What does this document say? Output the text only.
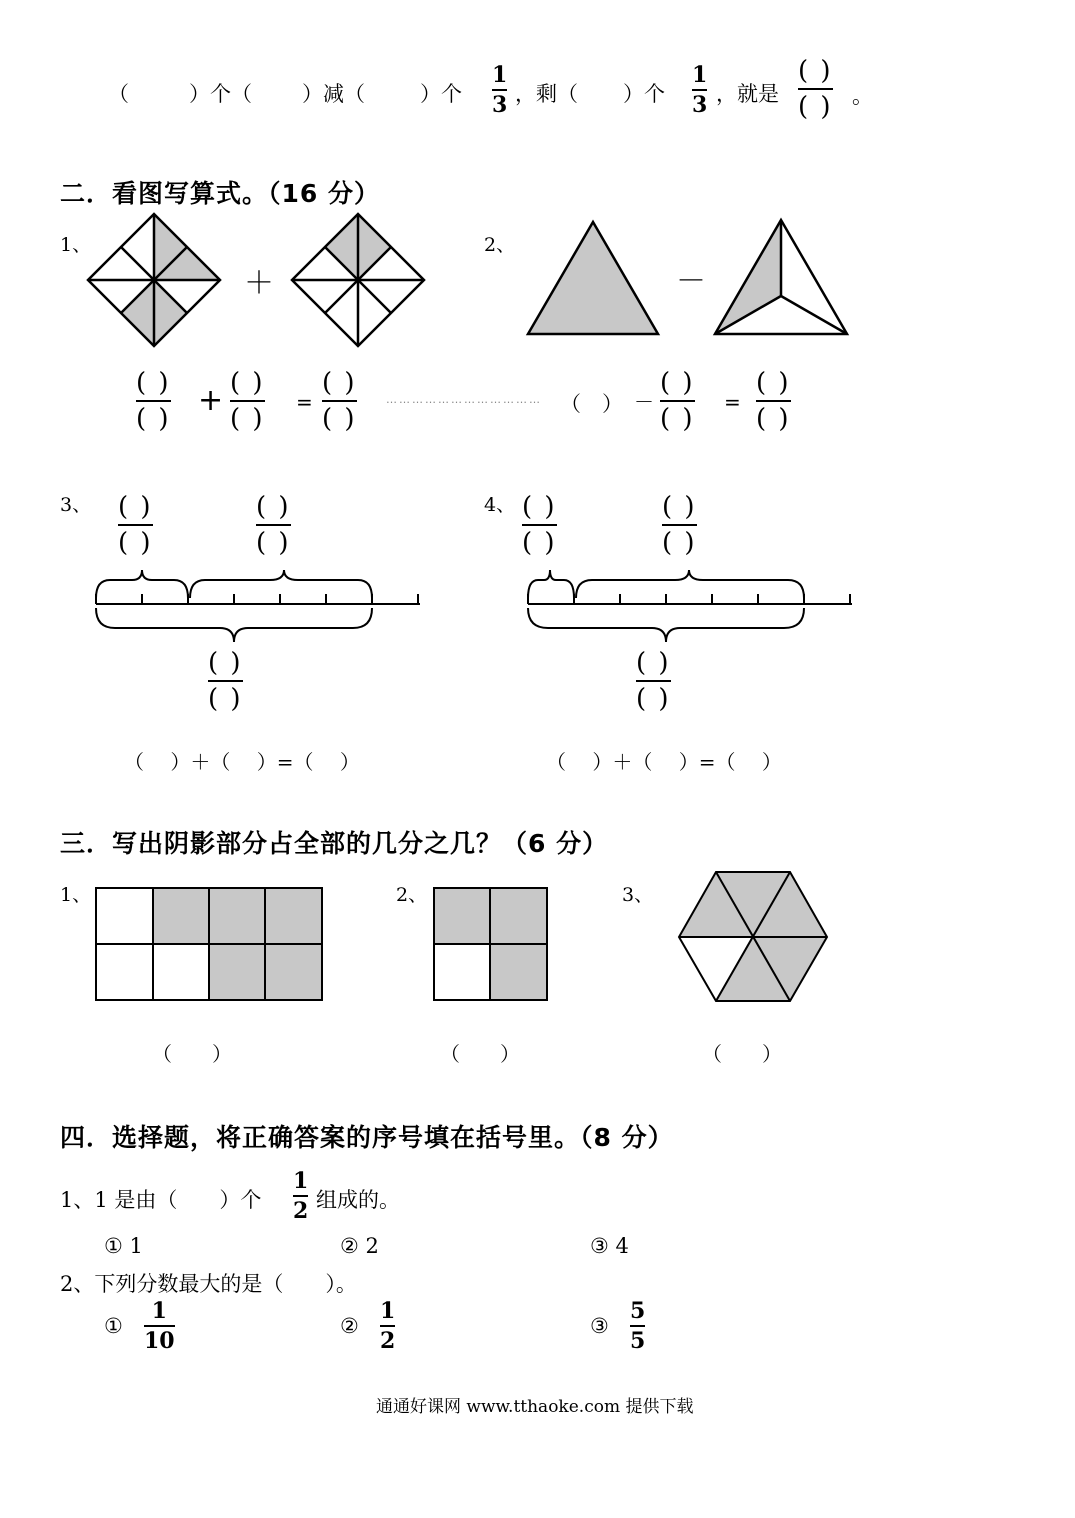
（	）个（ ）减（	）个
1
3 ，剩（ ）个
1
3 ，就是
( )
( ) 。
二．看图写算式。（16 分）
1、	2、
＋	－
( )
( )
+ ( )
( )
=
( )
( )
……………………………… （　） －
( )
( )
=
( )
( )
3、	4、
( )
( )
( )
( )
( )
( )
( )
( )
( )
( )
( )
( )
（　 ）＋（　 ）=（　 ）	（　 ）＋（　 ）=（　 ）
三．写出阴影部分占全部的几分之几？（6 分）
1、	2、	3、
（　　）	（　　）	（　　）
四．选择题，将正确答案的序号填在括号里。（8 分）
1、1 是由（　　）个
1
2 组成的。
① 1	② 2	③ 4
2、下列分数最大的是（　　）。
①
1
10
②
1
2
③
5
5
通通好课网 www.tthaoke.com 提供下载
